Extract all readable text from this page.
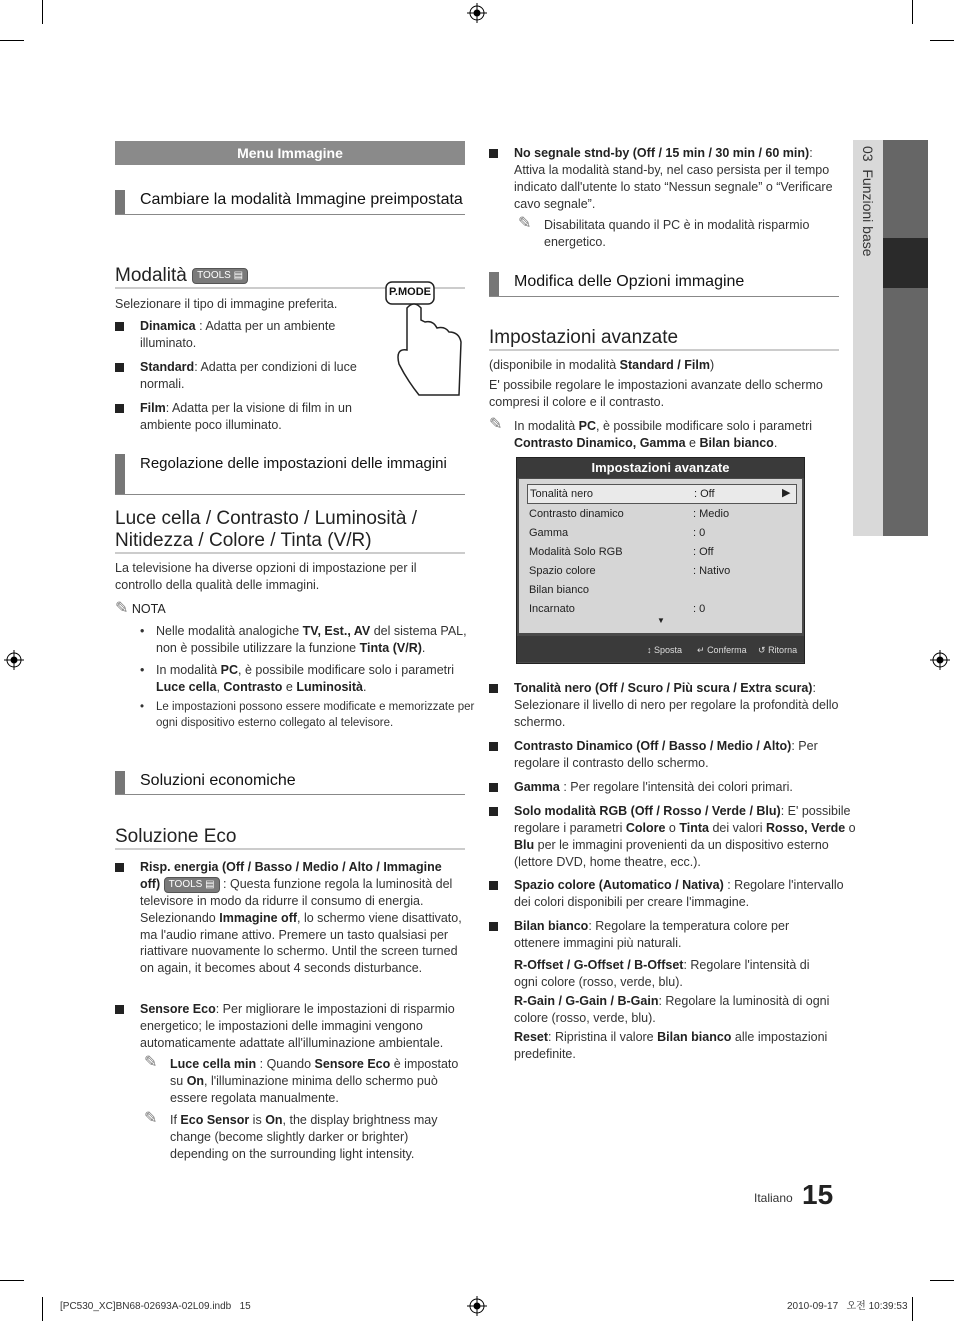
03  Funzioni base
Menu Immagine
Cambiare la modalità Immagine preimpostata
Modalità TOOLS ▤
P.MODE
Selezionare il tipo di immagine preferita.
Dinamica : Adatta per un ambiente illuminato.
Standard: Adatta per condizioni di luce normali.
Film: Adatta per la visione di film in un ambiente poco illuminato.
Regolazione delle impostazioni delle immagini
Luce cella / Contrasto / Luminosità / Nitidezza / Colore / Tinta (V/R)
La televisione ha diverse opzioni di impostazione per il controllo della qualità delle immagini.
✎ NOTA
• Nelle modalità analogiche TV, Est., AV del sistema PAL, non è possibile utilizzare la funzione Tinta (V/R).
• In modalità PC, è possibile modificare solo i parametri Luce cella, Contrasto e Luminosità.
• Le impostazioni possono essere modificate e memorizzate per ogni dispositivo esterno collegato al televisore.
Soluzioni economiche
Soluzione Eco
Risp. energia (Off / Basso / Medio / Alto / Immagine off) TOOLS ▤ : Questa funzione regola la luminosità del televisore in modo da ridurre il consumo di energia. Selezionando Immagine off, lo schermo viene disattivato, ma l'audio rimane attivo. Premere un tasto qualsiasi per riattivare nuovamente lo schermo. Until the screen turned on again, it becomes about 4 seconds disturbance.
Sensore Eco: Per migliorare le impostazioni di risparmio energetico; le impostazioni delle immagini vengono automaticamente adattate all'illuminazione ambientale.
✎ Luce cella min : Quando Sensore Eco è impostato su On, l'illuminazione minima dello schermo può essere regolata manualmente.
✎ If Eco Sensor is On, the display brightness may change (become slightly darker or brighter) depending on the surrounding light intensity.
No segnale stnd-by (Off / 15 min / 30 min / 60 min): Attiva la modalità stand-by, nel caso persista per il tempo indicato dall'utente lo stato “Nessun segnale” o “Verificare cavo segnale”.
✎ Disabilitata quando il PC è in modalità risparmio energetico.
Modifica delle Opzioni immagine
Impostazioni avanzate
(disponibile in modalità Standard / Film)
E' possibile regolare le impostazioni avanzate dello schermo compresi il colore e il contrasto.
✎ In modalità PC, è possibile modificare solo i parametri Contrasto Dinamico, Gamma e Bilan bianco.
Impostazioni avanzate
↕ Sposta ↵ Conferma ↺ Ritorna
Tonalità nero	: Off	▶
Contrasto dinamico	: Medio
Gamma	: 0
Modalità Solo RGB	: Off
Spazio colore	: Nativo
Bilan bianco
Incarnato	: 0
▼
Tonalità nero (Off / Scuro / Più scura / Extra scura): Selezionare il livello di nero per regolare la profondità dello schermo.
Contrasto Dinamico (Off / Basso / Medio / Alto): Per regolare il contrasto dello schermo.
Gamma : Per regolare l'intensità dei colori primari.
Solo modalità RGB (Off / Rosso / Verde / Blu): E' possibile regolare i parametri Colore o Tinta dei valori Rosso, Verde o Blu per le immagini provenienti da un dispositivo esterno (lettore DVD, home theatre, ecc.).
Spazio colore (Automatico / Nativa) : Regolare l'intervallo dei colori disponibili per creare l'immagine.
Bilan bianco: Regolare la temperatura colore per ottenere immagini più naturali.
R-Offset / G-Offset / B-Offset: Regolare l'intensità di ogni colore (rosso, verde, blu).
R-Gain / G-Gain / B-Gain: Regolare la luminosità di ogni colore (rosso, verde, blu).
Reset: Ripristina il valore Bilan bianco alle impostazioni predefinite.
Italiano 15
[PC530_XC]BN68-02693A-02L09.indb   15	2010-09-17   오전 10:39:53
